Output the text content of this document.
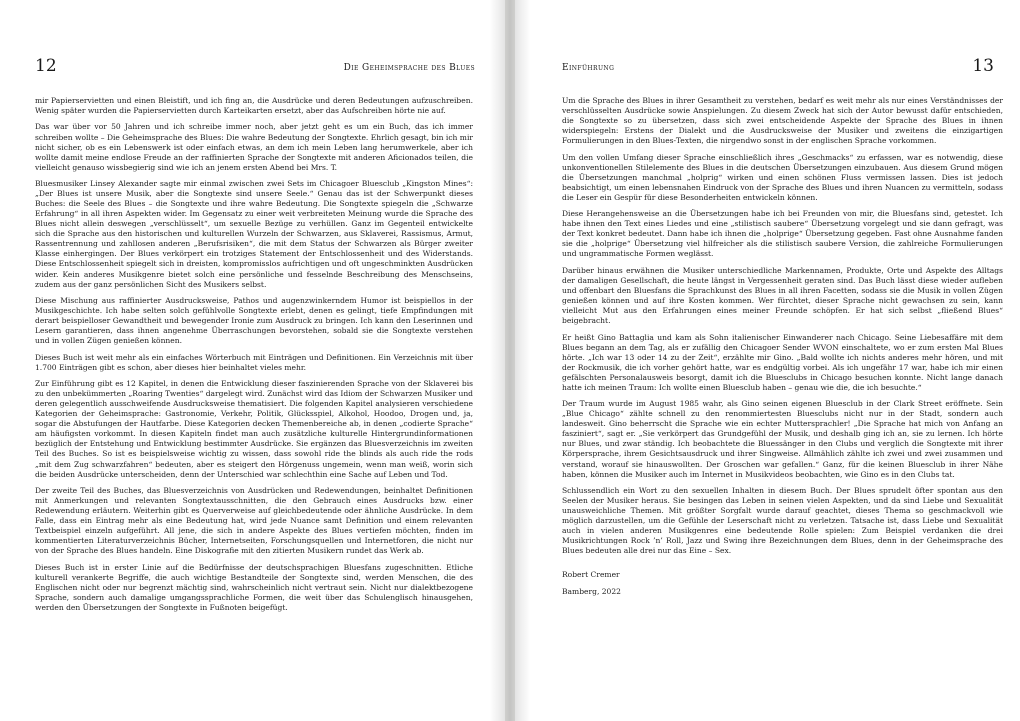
12	Die Geheimsprache des Blues

mir Papierservietten und einen Bleistift, und ich fing an, die Ausdrücke und deren Bedeutungen aufzuschreiben. Wenig später wurden die Papierservietten durch Karteikarten ersetzt, aber das Aufschreiben hörte nie auf.

Das war über vor 50 Jahren und ich schreibe immer noch, aber jetzt geht es um ein Buch, das ich immer schreiben wollte – Die Geheimsprache des Blues: Die wahre Bedeutung der Songtexte. Ehrlich gesagt, bin ich mir nicht sicher, ob es ein Lebenswerk ist oder einfach etwas, an dem ich mein Leben lang herumwerkele, aber ich wollte damit meine endlose Freude an der raffinierten Sprache der Songtexte mit anderen Aficionados teilen, die vielleicht genauso wissbegierig sind wie ich an jenem ersten Abend bei Mrs. T.

Bluesmusiker Linsey Alexander sagte mir einmal zwischen zwei Sets im Chicagoer Bluesclub „Kingston Mines“: „Der Blues ist unsere Musik, aber die Songtexte sind unsere Seele.“ Genau das ist der Schwerpunkt dieses Buches: die Seele des Blues – die Songtexte und ihre wahre Bedeutung. Die Songtexte spiegeln die „Schwarze Erfahrung“ in all ihren Aspekten wider. Im Gegensatz zu einer weit verbreiteten Meinung wurde die Sprache des Blues nicht allein deswegen „verschlüsselt“, um sexuelle Bezüge zu verhüllen. Ganz im Gegenteil entwickelte sich die Sprache aus den historischen und kulturellen Wurzeln der Schwarzen, aus Sklaverei, Rassismus, Armut, Rassentrennung und zahllosen anderen „Berufsrisiken“, die mit dem Status der Schwarzen als Bürger zweiter Klasse einhergingen. Der Blues verkörpert ein trotziges Statement der Entschlossenheit und des Widerstands. Diese Entschlossenheit spiegelt sich in dreisten, kompromisslos aufrichtigen und oft ungeschminkten Ausdrücken wider. Kein anderes Musikgenre bietet solch eine persönliche und fesselnde Beschreibung des Menschseins, zudem aus der ganz persönlichen Sicht des Musikers selbst.

Diese Mischung aus raffinierter Ausdrucksweise, Pathos und augenzwinkerndem Humor ist beispiellos in der Musikgeschichte. Ich habe selten solch gefühlvolle Songtexte erlebt, denen es gelingt, tiefe Empfindungen mit derart beispielloser Gewandtheit und bewegender Ironie zum Ausdruck zu bringen. Ich kann den Leserinnen und Lesern garantieren, dass ihnen angenehme Überraschungen bevorstehen, sobald sie die Songtexte verstehen und in vollen Zügen genießen können.

Dieses Buch ist weit mehr als ein einfaches Wörterbuch mit Einträgen und Definitionen. Ein Verzeichnis mit über 1.700 Einträgen gibt es schon, aber dieses hier beinhaltet vieles mehr.

Zur Einführung gibt es 12 Kapitel, in denen die Entwicklung dieser faszinierenden Sprache von der Sklaverei bis zu den unbekümmerten „Roaring Twenties“ dargelegt wird. Zunächst wird das Idiom der Schwarzen Musiker und deren gelegentlich ausschweifende Ausdrucksweise thematisiert. Die folgenden Kapitel analysieren verschiedene Kategorien der Geheimsprache: Gastronomie, Verkehr, Politik, Glücksspiel, Alkohol, Hoodoo, Drogen und, ja, sogar die Abstufungen der Hautfarbe. Diese Kategorien decken Themenbereiche ab, in denen „codierte Sprache“ am häufigsten vorkommt. In diesen Kapiteln findet man auch zusätzliche kulturelle Hintergrundinformationen bezüglich der Entstehung und Entwicklung bestimmter Ausdrücke. Sie ergänzen das Bluesverzeichnis im zweiten Teil des Buches. So ist es beispielsweise wichtig zu wissen, dass sowohl ride the blinds als auch ride the rods „mit dem Zug schwarzfahren“ bedeuten, aber es steigert den Hörgenuss ungemein, wenn man weiß, worin sich die beiden Ausdrücke unterscheiden, denn der Unterschied war schlechthin eine Sache auf Leben und Tod.

Der zweite Teil des Buches, das Bluesverzeichnis von Ausdrücken und Redewendungen, beinhaltet Definitionen mit Anmerkungen und relevanten Songtextausschnitten, die den Gebrauch eines Ausdrucks bzw. einer Redewendung erläutern. Weiterhin gibt es Querverweise auf gleichbedeutende oder ähnliche Ausdrücke. In dem Falle, dass ein Eintrag mehr als eine Bedeutung hat, wird jede Nuance samt Definition und einem relevanten Textbeispiel einzeln aufgeführt. All jene, die sich in andere Aspekte des Blues vertiefen möchten, finden im kommentierten Literaturverzeichnis Bücher, Internetseiten, Forschungsquellen und Internetforen, die nicht nur von der Sprache des Blues handeln. Eine Diskografie mit den zitierten Musikern rundet das Werk ab.

Dieses Buch ist in erster Linie auf die Bedürfnisse der deutschsprachigen Bluesfans zugeschnitten. Etliche kulturell verankerte Begriffe, die auch wichtige Bestandteile der Songtexte sind, werden Menschen, die des Englischen nicht oder nur begrenzt mächtig sind, wahrscheinlich nicht vertraut sein. Nicht nur dialektbezogene Sprache, sondern auch damalige umgangssprachliche Formen, die weit über das Schulenglisch hinausgehen, werden den Übersetzungen der Songtexte in Fußnoten beigefügt.

13
Einführung

Um die Sprache des Blues in ihrer Gesamtheit zu verstehen, bedarf es weit mehr als nur eines Verständnisses der verschlüsselten Ausdrücke sowie Anspielungen. Zu diesem Zweck hat sich der Autor bewusst dafür entschieden, die Songtexte so zu übersetzen, dass sich zwei entscheidende Aspekte der Sprache des Blues in ihnen widerspiegeln: Erstens der Dialekt und die Ausdrucksweise der Musiker und zweitens die einzigartigen Formulierungen in den Blues-Texten, die nirgendwo sonst in der englischen Sprache vorkommen.

Um den vollen Umfang dieser Sprache einschließlich ihres „Geschmacks“ zu erfassen, war es notwendig, diese unkonventionellen Stilelemente des Blues in die deutschen Übersetzungen einzubauen. Aus diesem Grund mögen die Übersetzungen manchmal „holprig“ wirken und einen schönen Fluss vermissen lassen. Dies ist jedoch beabsichtigt, um einen lebensnahen Eindruck von der Sprache des Blues und ihren Nuancen zu vermitteln, sodass die Leser ein Gespür für diese Besonderheiten entwickeln können.

Diese Herangehensweise an die Übersetzungen habe ich bei Freunden von mir, die Bluesfans sind, getestet. Ich habe ihnen den Text eines Liedes und eine „stilistisch saubere“ Übersetzung vorgelegt und sie dann gefragt, was der Text konkret bedeutet. Dann habe ich ihnen die „holprige“ Übersetzung gegeben. Fast ohne Ausnahme fanden sie die „holprige“ Übersetzung viel hilfreicher als die stilistisch saubere Version, die zahlreiche Formulierungen und ungrammatische Formen weglässt.

Darüber hinaus erwähnen die Musiker unterschiedliche Markennamen, Produkte, Orte und Aspekte des Alltags der damaligen Gesellschaft, die heute längst in Vergessenheit geraten sind. Das Buch lässt diese wieder aufleben und offenbart den Bluesfans die Sprachkunst des Blues in all ihren Facetten, sodass sie die Musik in vollen Zügen genießen können und auf ihre Kosten kommen. Wer fürchtet, dieser Sprache nicht gewachsen zu sein, kann vielleicht Mut aus den Erfahrungen eines meiner Freunde schöpfen. Er hat sich selbst „fließend Blues“ beigebracht.

Er heißt Gino Battaglia und kam als Sohn italienischer Einwanderer nach Chicago. Seine Liebesaffäre mit dem Blues begann an dem Tag, als er zufällig den Chicagoer Sender WVON einschaltete, wo er zum ersten Mal Blues hörte. „Ich war 13 oder 14 zu der Zeit“, erzählte mir Gino. „Bald wollte ich nichts anderes mehr hören, und mit der Rockmusik, die ich vorher gehört hatte, war es endgültig vorbei. Als ich ungefähr 17 war, habe ich mir einen gefälschten Personalausweis besorgt, damit ich die Bluesclubs in Chicago besuchen konnte. Nicht lange danach hatte ich meinen Traum: Ich wollte einen Bluesclub haben – genau wie die, die ich besuchte.“

Der Traum wurde im August 1985 wahr, als Gino seinen eigenen Bluesclub in der Clark Street eröffnete. Sein „Blue Chicago“ zählte schnell zu den renommiertesten Bluesclubs nicht nur in der Stadt, sondern auch landesweit. Gino beherrscht die Sprache wie ein echter Muttersprachler! „Die Sprache hat mich von Anfang an fasziniert“, sagt er. „Sie verkörpert das Grundgefühl der Musik, und deshalb ging ich an, sie zu lernen. Ich hörte nur Blues, und zwar ständig. Ich beobachtete die Bluessänger in den Clubs und verglich die Songtexte mit ihrer Körpersprache, ihrem Gesichtsausdruck und ihrer Singweise. Allmählich zählte ich zwei und zwei zusammen und verstand, worauf sie hinauswollten. Der Groschen war gefallen.“ Ganz, für die keinen Bluesclub in ihrer Nähe haben, können die Musiker auch im Internet in Musikvideos beobachten, wie Gino es in den Clubs tat.

Schlussendlich ein Wort zu den sexuellen Inhalten in diesem Buch. Der Blues sprudelt öfter spontan aus den Seelen der Musiker heraus. Sie besingen das Leben in seinen vielen Aspekten, und da sind Liebe und Sexualität unausweichliche Themen. Mit größter Sorgfalt wurde darauf geachtet, dieses Thema so geschmackvoll wie möglich darzustellen, um die Gefühle der Leserschaft nicht zu verletzen. Tatsache ist, dass Liebe und Sexualität auch in vielen anderen Musikgenres eine bedeutende Rolle spielen: Zum Beispiel verdanken die drei Musikrichtungen Rock ’n’ Roll, Jazz und Swing ihre Bezeichnungen dem Blues, denn in der Geheimsprache des Blues bedeuten alle drei nur das Eine – Sex.

Robert Cremer

Bamberg, 2022
